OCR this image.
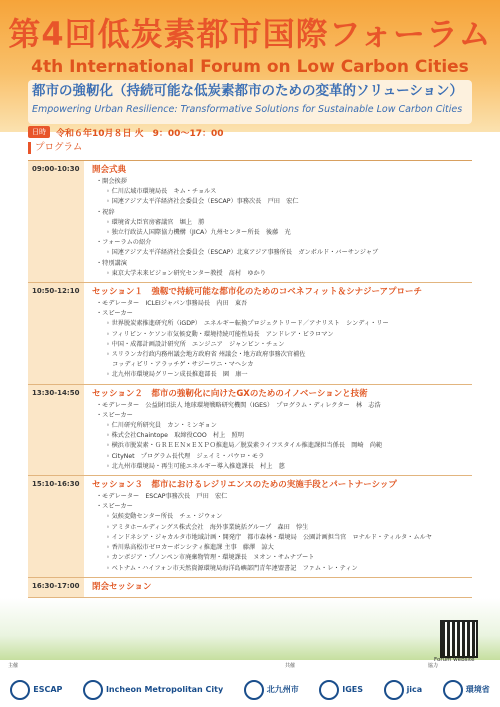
第4回低炭素都市国際フォーラム
4th International Forum on Low Carbon Cities
都市の強靭化（持続可能な低炭素都市のための変革的ソリューション）
Empowering Urban Resilience: Transformative Solutions for Sustainable Low Carbon Cities
日時	令和６年10月８日 火　9：00～17：00
プログラム
09:00-10:30	開会式典
・開会挨拶
◦ 仁川広域市環境局長　キム・チョルス
◦ 国連アジア太平洋経済社会委員会（ESCAP）事務次長　戸田　宏仁
・祝辞
◦ 環境省大臣官房審議官　堀上　勝
◦ 独立行政法人国際協力機構（JICA）九州センター所長　後藤　光
・フォーラムの紹介
◦ 国連アジア太平洋経済社会委員会（ESCAP）北東アジア事務所長　ガンボルド・バーサンジャブ
・特別講演
◦ 東京大学未来ビジョン研究センター教授　髙村　ゆかり
10:50-12:10	セッション１　強靱で持続可能な都市化のためのコベネフィット＆シナジーアプローチ
・モデレーター　ICLEIジャパン事務局長　内田　東吾
・スピーカー
◦ 世界脱炭素推進研究所（iGDP）　エネルギー転換プロジェクトリード／アナリスト　シンディ・リー
◦ フィリピン・ケソン市気候変動・環境持続可能性局長　アンドレア・ビラロマン
◦ 中国・成都計画設計研究所　エンジニア　ジャンビン・チェン
◦ スリランカ行政内務州議会地方政府省 州議会・地方政府事務次官補佐
　コッディピリ・アラッチゲ・サジーワニ・マヘシカ
◦ 北九州市環境局グリーン成長推進部長　園　康一
13:30-14:50	セッション２　都市の強靭化に向けたGXのためのイノベーションと技術
・モデレーター　公益財団法人 地球環境戦略研究機関（IGES）　プログラム・ディレクター　林　志浩
・スピーカー
◦ 仁川研究所研究員　カン・ミンギョン
◦ 株式会社Chaintope　取締役COO　村上　照明
◦ 横浜市脱炭素・ＧＲＥＥＮ×ＥＸＰＯ推進局／脱炭素ライフスタイル推進課担当係長　岡崎　尚範
◦ CityNet　プログラム長代理　ジェイミ・パウロ・モラ
◦ 北九州市環境局・再生可能エネルギー導入推進課長　村上　慈
15:10-16:30	セッション３　都市におけるレジリエンスのための実施手段とパートナーシップ
・モデレーター　ESCAP事務次長　戸田　宏仁
・スピーカー
◦ 気候変動センター所長　チェ・ジウォン
◦ アミタホールディングス株式会社　海外事業統括グループ　森田　悖生
◦ インドネシア・ジャカルタ市地域計画・開発庁　都市森林・環境局　公園計画担当官　ロナルド・ティルタ・ムルヤ
◦ 香川県高松市ゼロカーボンシティ推進課 主事　藤澤　諒大
◦ カンボジア・プノンペン市廃棄物管理・環境課長　ヌオン・サムナブート
◦ ベトナム・ハイフォン市天然資源環境局海洋島嶼部門青年連盟書記　ファム・レ・ティン
16:30-17:00	閉会セッション
Forum website
主催	共催	協力
ESCAP	Incheon Metropolitan City	北九州市	IGES	jica	環境省
